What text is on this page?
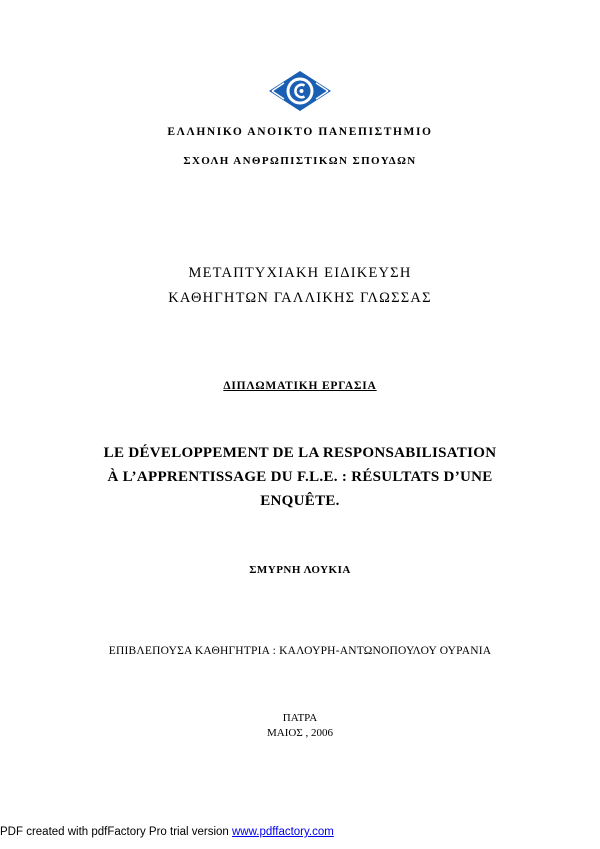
ΕΛΛΗΝΙΚΟ ΑΝΟΙΚΤΟ ΠΑΝΕΠΙΣΤΗΜΙΟ
ΣΧΟΛΗ ΑΝΘΡΩΠΙΣΤΙΚΩΝ ΣΠΟΥΔΩΝ
ΜΕΤΑΠΤΥΧΙΑΚΗ ΕΙΔΙΚΕΥΣΗ
ΚΑΘΗΓΗΤΩΝ ΓΑΛΛΙΚΗΣ ΓΛΩΣΣΑΣ
ΔΙΠΛΩΜΑΤΙΚΗ ΕΡΓΑΣΙΑ
LE DÉVELOPPEMENT DE LA RESPONSABILISATION
À L’APPRENTISSAGE DU F.L.E. : RÉSULTATS D’UNE
ENQUÊTE.
ΣΜΥΡΝΗ ΛΟΥΚΙΑ
ΕΠΙΒΛΕΠΟΥΣΑ ΚΑΘΗΓΗΤΡΙΑ : ΚΑΛΟΥΡΗ-ΑΝΤΩΝΟΠΟΥΛΟΥ ΟΥΡΑΝΙΑ
ΠΑΤΡΑ
ΜΑΙΟΣ , 2006
PDF created with pdfFactory Pro trial version www.pdffactory.com
